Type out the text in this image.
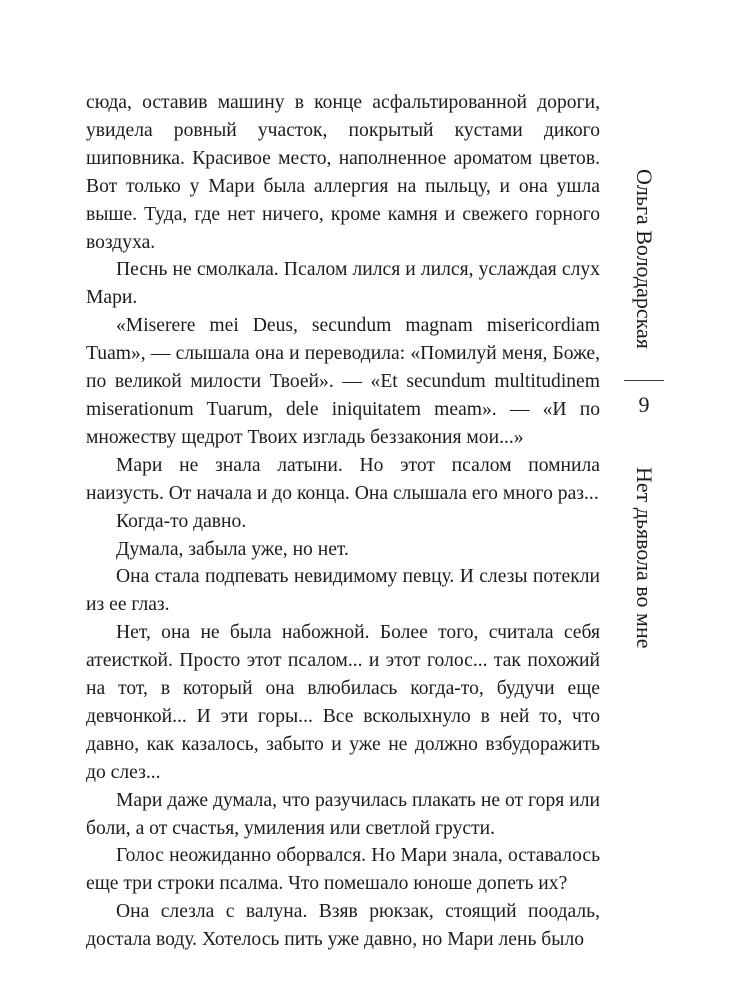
сюда, оставив машину в конце асфальтированной дороги, увидела ровный участок, покрытый кустами дикого шиповника. Красивое место, наполненное ароматом цветов. Вот только у Мари была аллергия на пыльцу, и она ушла выше. Туда, где нет ничего, кроме камня и свежего горного воздуха.

Песнь не смолкала. Псалом лился и лился, услаждая слух Мари.

«Miserere mei Deus, secundum magnam misericordiam Tuam», — слышала она и переводила: «Помилуй меня, Боже, по великой милости Твоей». — «Et secundum multitudinem miserationum Tuarum, dele iniquitatem meam». — «И по множеству щедрот Твоих изгладь беззакония мои...»

Мари не знала латыни. Но этот псалом помнила наизусть. От начала и до конца. Она слышала его много раз...

Когда-то давно.

Думала, забыла уже, но нет.

Она стала подпевать невидимому певцу. И слезы потекли из ее глаз.

Нет, она не была набожной. Более того, считала себя атеисткой. Просто этот псалом... и этот голос... так похожий на тот, в который она влюбилась когда-то, будучи еще девчонкой... И эти горы... Все всколыхнуло в ней то, что давно, как казалось, забыто и уже не должно взбудоражить до слез...

Мари даже думала, что разучилась плакать не от горя или боли, а от счастья, умиления или светлой грусти.

Голос неожиданно оборвался. Но Мари знала, оставалось еще три строки псалма. Что помешало юноше допеть их?

Она слезла с валуна. Взяв рюкзак, стоящий поодаль, достала воду. Хотелось пить уже давно, но Мари лень было

Ольга Володарская
9
Нет дьявола во мне
